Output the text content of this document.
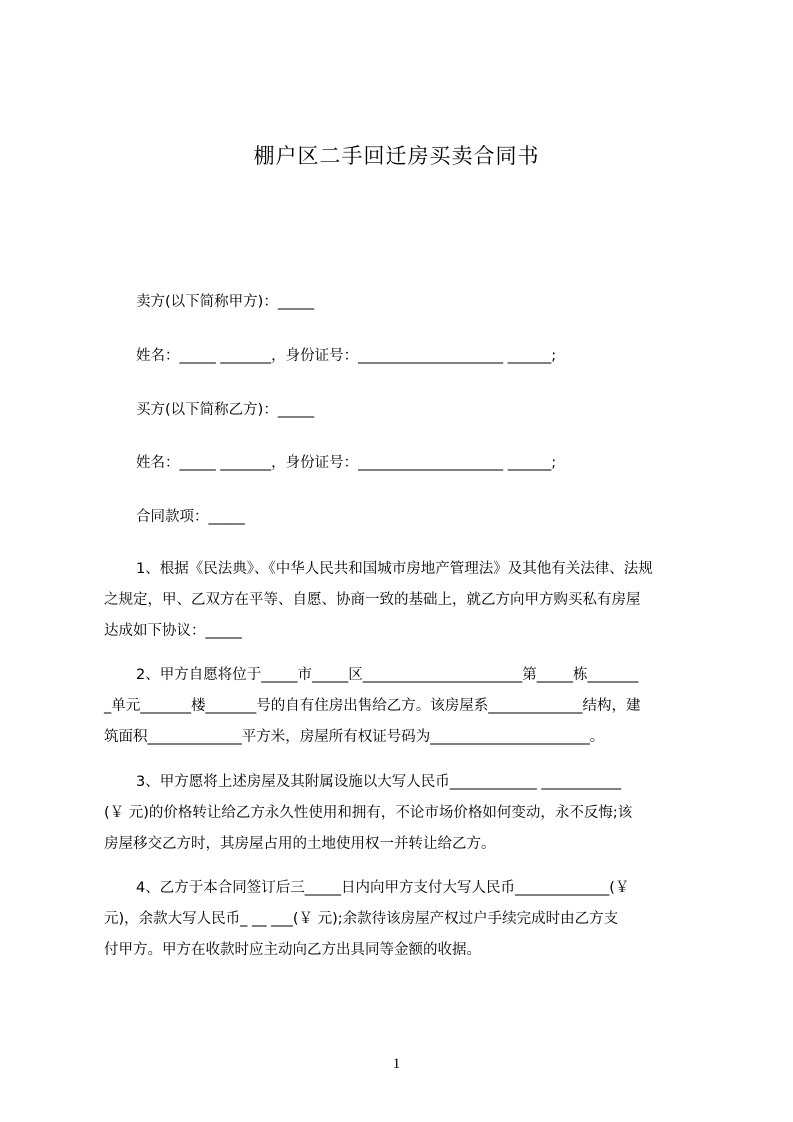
棚户区二手回迁房买卖合同书
卖方(以下简称甲方)：_____
姓名：_____ _______，身份证号：____________________ ______;
买方(以下简称乙方)：_____
姓名：_____ _______，身份证号：____________________ ______;
合同款项：_____

1、根据《民法典》、《中华人民共和国城市房地产管理法》及其他有关法律、法规

之规定，甲、乙双方在平等、自愿、协商一致的基础上，就乙方向甲方购买私有房屋

达成如下协议：_____

2、甲方自愿将位于_____市_____区______________________第_____栋_______

_单元_______楼_______号的自有住房出售给乙方。该房屋系_____________结构，建

筑面积_____________平方米，房屋所有权证号码为______________________。

3、甲方愿将上述房屋及其附属设施以大写人民币____________ ___________

(￥ 元)的价格转让给乙方永久性使用和拥有，不论市场价格如何变动，永不反悔;该

房屋移交乙方时，其房屋占用的土地使用权一并转让给乙方。

4、乙方于本合同签订后三_____日内向甲方支付大写人民币_____________(￥

元)，余款大写人民币_ __ ___(￥ 元);余款待该房屋产权过户手续完成时由乙方支

付甲方。甲方在收款时应主动向乙方出具同等金额的收据。

1
